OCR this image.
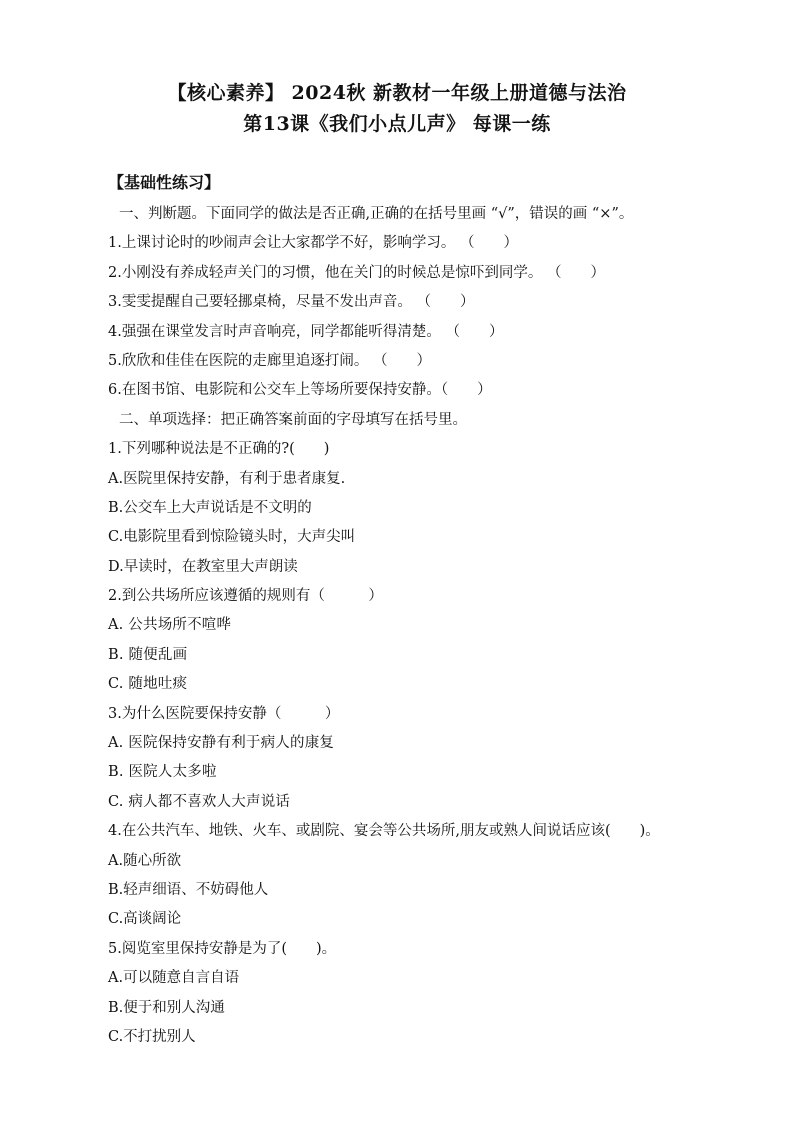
【核心素养】 2024秋 新教材一年级上册道德与法治
第13课《我们小点儿声》 每课一练
【基础性练习】
一、判断题。下面同学的做法是否正确,正确的在括号里画 “√”，错误的画 “×”。
1.上课讨论时的吵闹声会让大家都学不好，影响学习。 （　　）
2.小刚没有养成轻声关门的习惯，他在关门的时候总是惊吓到同学。 （　　）
3.雯雯提醒自己要轻挪桌椅，尽量不发出声音。 （　　）
4.强强在课堂发言时声音响亮，同学都能听得清楚。 （　　）
5.欣欣和佳佳在医院的走廊里追逐打闹。 （　　）
6.在图书馆、电影院和公交车上等场所要保持安静。（　　）
二、单项选择：把正确答案前面的字母填写在括号里。
1.下列哪种说法是不正确的?(　　)
A.医院里保持安静，有利于患者康复.
B.公交车上大声说话是不文明的
C.电影院里看到惊险镜头时，大声尖叫
D.早读时，在教室里大声朗读
2.到公共场所应该遵循的规则有（　　　）
A. 公共场所不喧哗
B. 随便乱画
C. 随地吐痰
3.为什么医院要保持安静（　　　）
A. 医院保持安静有利于病人的康复
B. 医院人太多啦
C. 病人都不喜欢人大声说话
4.在公共汽车、地铁、火车、或剧院、宴会等公共场所,朋友或熟人间说话应该(　　)。
A.随心所欲
B.轻声细语、不妨碍他人
C.高谈阔论
5.阅览室里保持安静是为了(　　)。
A.可以随意自言自语
B.便于和别人沟通
C.不打扰别人
